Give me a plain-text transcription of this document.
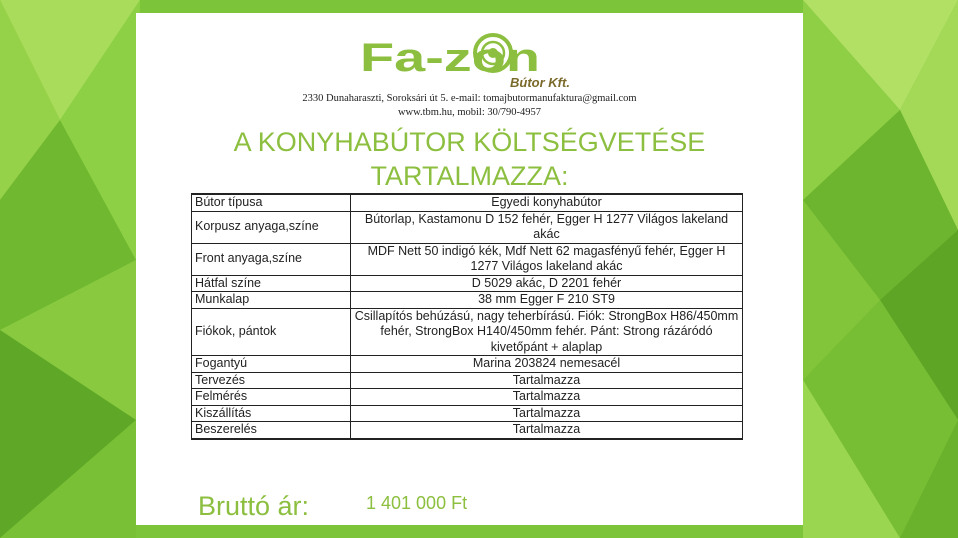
Fa-zon
Bútor Kft.
2330 Dunaharaszti, Soroksári út 5. e-mail: tomajbutormanufaktura@gmail.com
www.tbm.hu, mobil: 30/790-4957
A KONYHABÚTOR KÖLTSÉGVETÉSE
TARTALMAZZA:
Bútor típusa	Egyedi konyhabútor
Korpusz anyaga,színe	Bútorlap, Kastamonu D 152 fehér, Egger H 1277 Világos lakeland akác
Front anyaga,színe	MDF Nett 50 indigó kék, Mdf Nett 62 magasfényű fehér, Egger H 1277 Világos lakeland akác
Hátfal színe	D 5029 akác, D 2201 fehér
Munkalap	38 mm Egger F 210 ST9
Fiókok, pántok	Csillapítós behúzású, nagy teherbírású. Fiók: StrongBox H86/450mm fehér, StrongBox H140/450mm fehér. Pánt: Strong rázáródó kivetőpánt + alaplap
Fogantyú	Marina 203824 nemesacél
Tervezés	Tartalmazza
Felmérés	Tartalmazza
Kiszállítás	Tartalmazza
Beszerelés	Tartalmazza
Bruttó ár:	1 401 000 Ft
